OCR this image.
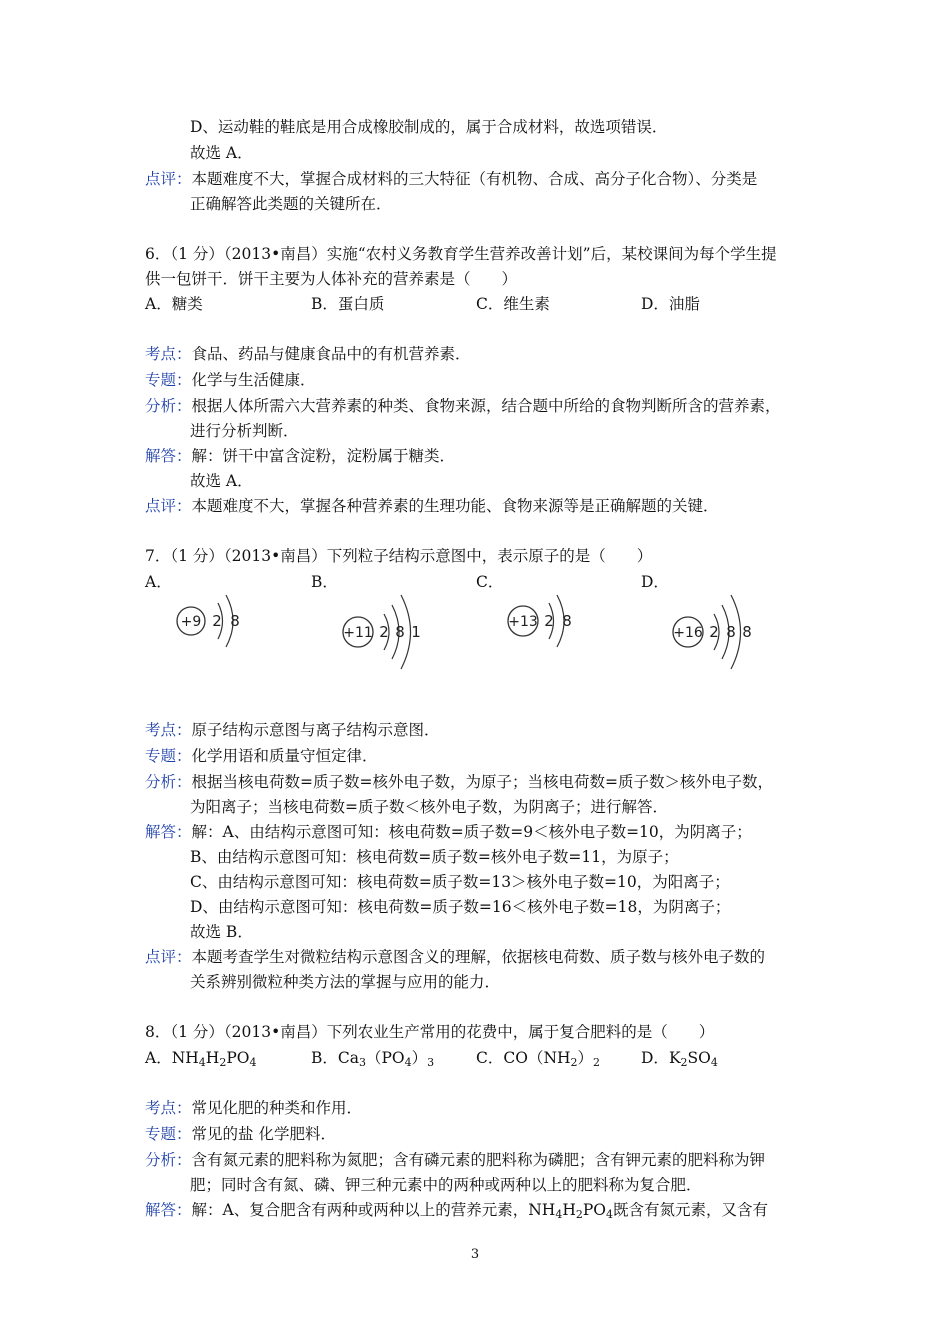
D、运动鞋的鞋底是用合成橡胶制成的，属于合成材料，故选项错误．
故选 A．
点评：本题难度不大，掌握合成材料的三大特征（有机物、合成、高分子化合物）、分类是
正确解答此类题的关键所在．
6．（1 分）（2013•南昌）实施“农村义务教育学生营养改善计划”后，某校课间为每个学生提
供一包饼干．饼干主要为人体补充的营养素是（　　）
A．糖类	B．蛋白质	C．维生素	D．油脂
考点：食品、药品与健康食品中的有机营养素．
专题：化学与生活健康．
分析：根据人体所需六大营养素的种类、食物来源，结合题中所给的食物判断所含的营养素，
进行分析判断．
解答：解：饼干中富含淀粉，淀粉属于糖类．
故选 A．
点评：本题难度不大，掌握各种营养素的生理功能、食物来源等是正确解题的关键．
7．（1 分）（2013•南昌）下列粒子结构示意图中，表示原子的是（　　）
A．	B．	C．	D．
+9 2 8
+11 2 8 1
+13 2 8
+16 2 8 8
考点：原子结构示意图与离子结构示意图．
专题：化学用语和质量守恒定律．
分析：根据当核电荷数=质子数=核外电子数，为原子；当核电荷数=质子数＞核外电子数，
为阳离子；当核电荷数=质子数＜核外电子数，为阴离子；进行解答．
解答：解：A、由结构示意图可知：核电荷数=质子数=9＜核外电子数=10，为阴离子；
B、由结构示意图可知：核电荷数=质子数=核外电子数=11，为原子；
C、由结构示意图可知：核电荷数=质子数=13＞核外电子数=10，为阳离子；
D、由结构示意图可知：核电荷数=质子数=16＜核外电子数=18，为阴离子；
故选 B．
点评：本题考查学生对微粒结构示意图含义的理解，依据核电荷数、质子数与核外电子数的
关系辨别微粒种类方法的掌握与应用的能力．
8．（1 分）（2013•南昌）下列农业生产常用的花费中，属于复合肥料的是（　　）
A．$NH_4H_2PO_4$	B．$Ca_3(PO_4)_3$	C．$CO(NH_2)_2$	D．$K_2SO_4$
考点：常见化肥的种类和作用．
专题：常见的盐 化学肥料．
分析：含有氮元素的肥料称为氮肥；含有磷元素的肥料称为磷肥；含有钾元素的肥料称为钾
肥；同时含有氮、磷、钾三种元素中的两种或两种以上的肥料称为复合肥．
解答：解：A、复合肥含有两种或两种以上的营养元素，$NH_4H_2PO_4$既含有氮元素，又含有
3
